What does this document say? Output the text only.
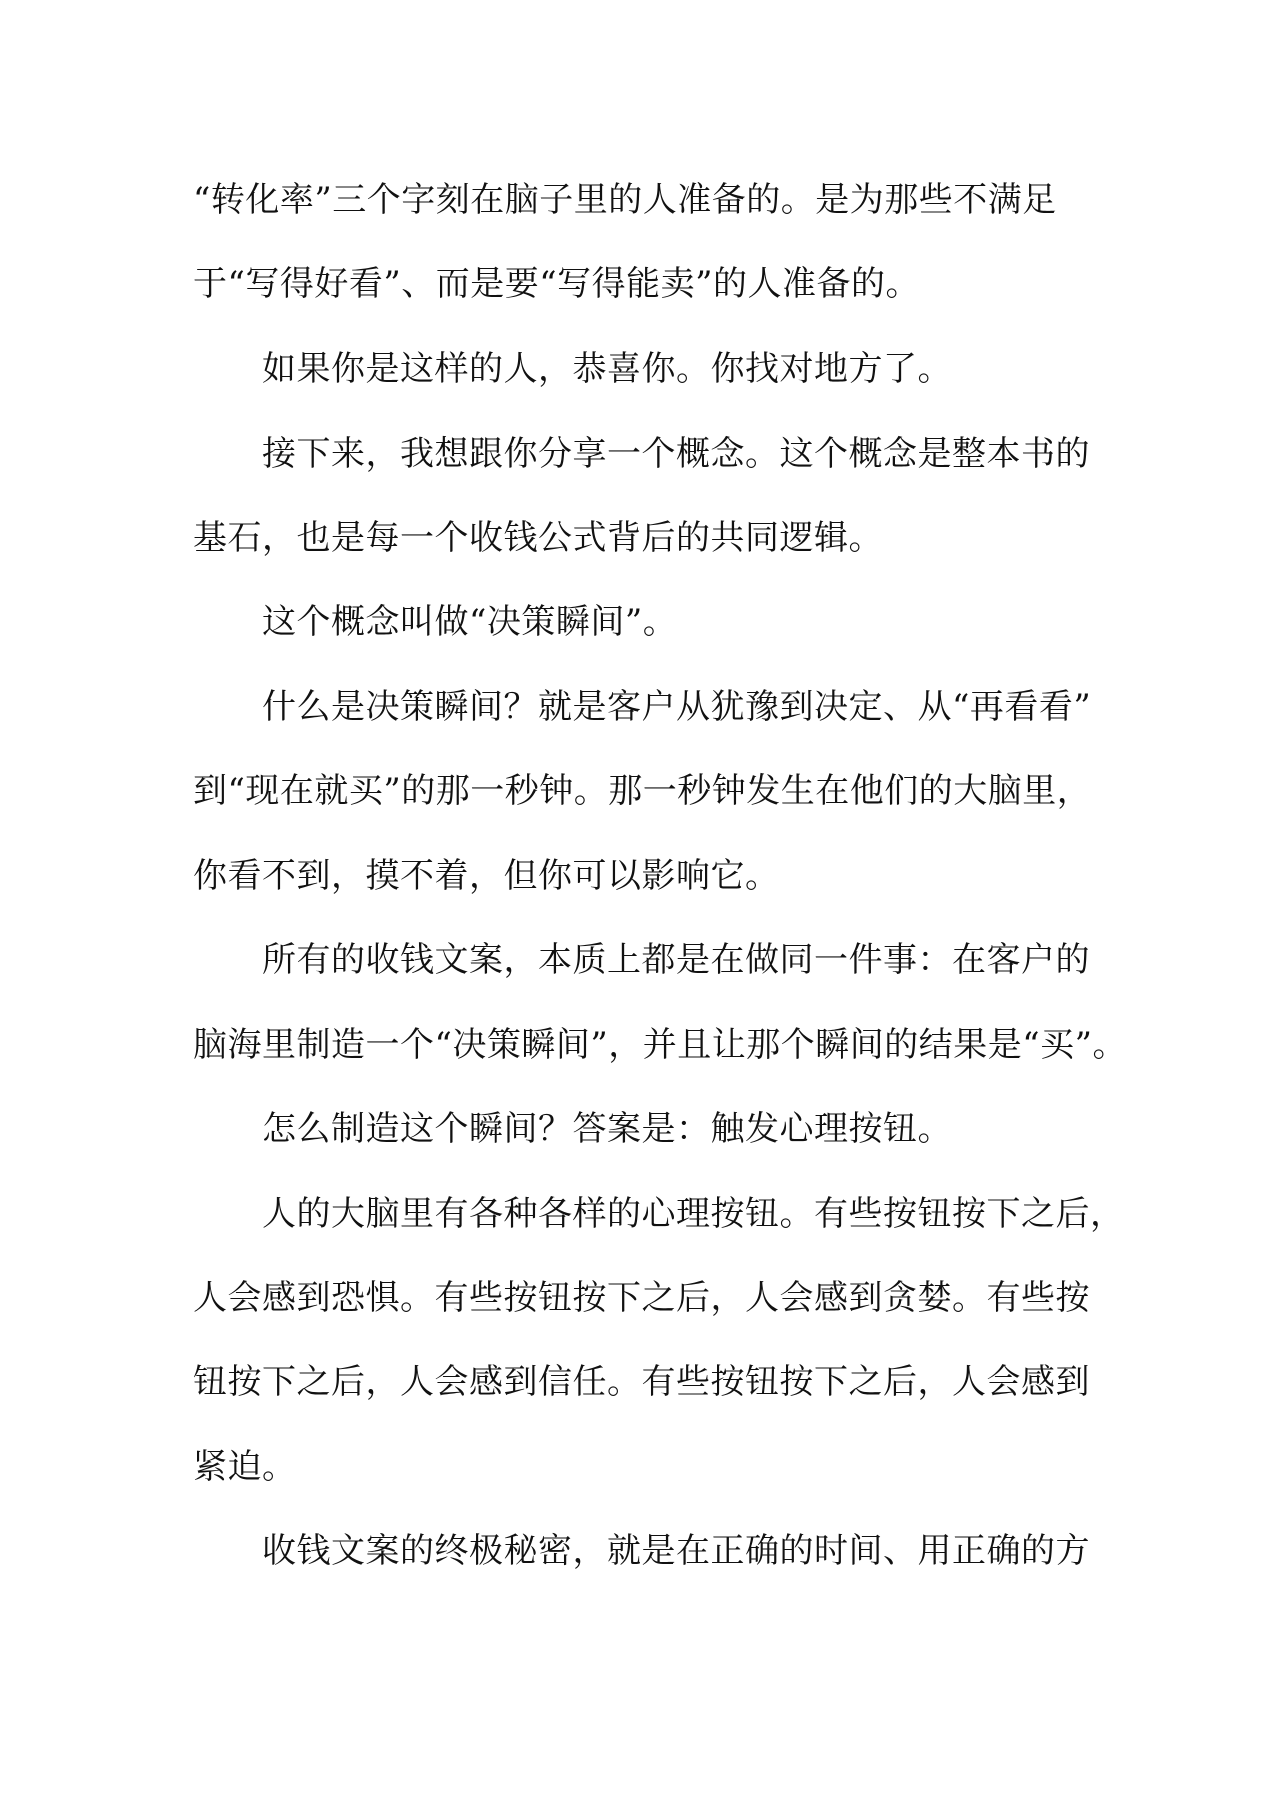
“转化率”三个字刻在脑子里的人准备的。是为那些不满足
于“写得好看”、而是要“写得能卖”的人准备的。
如果你是这样的人，恭喜你。你找对地方了。
接下来，我想跟你分享一个概念。这个概念是整本书的
基石，也是每一个收钱公式背后的共同逻辑。
这个概念叫做“决策瞬间”。
什么是决策瞬间？就是客户从犹豫到决定、从“再看看”
到“现在就买”的那一秒钟。那一秒钟发生在他们的大脑里，
你看不到，摸不着，但你可以影响它。
所有的收钱文案，本质上都是在做同一件事：在客户的
脑海里制造一个“决策瞬间”，并且让那个瞬间的结果是“买”。
怎么制造这个瞬间？答案是：触发心理按钮。
人的大脑里有各种各样的心理按钮。有些按钮按下之后，
人会感到恐惧。有些按钮按下之后，人会感到贪婪。有些按
钮按下之后，人会感到信任。有些按钮按下之后，人会感到
紧迫。
收钱文案的终极秘密，就是在正确的时间、用正确的方
